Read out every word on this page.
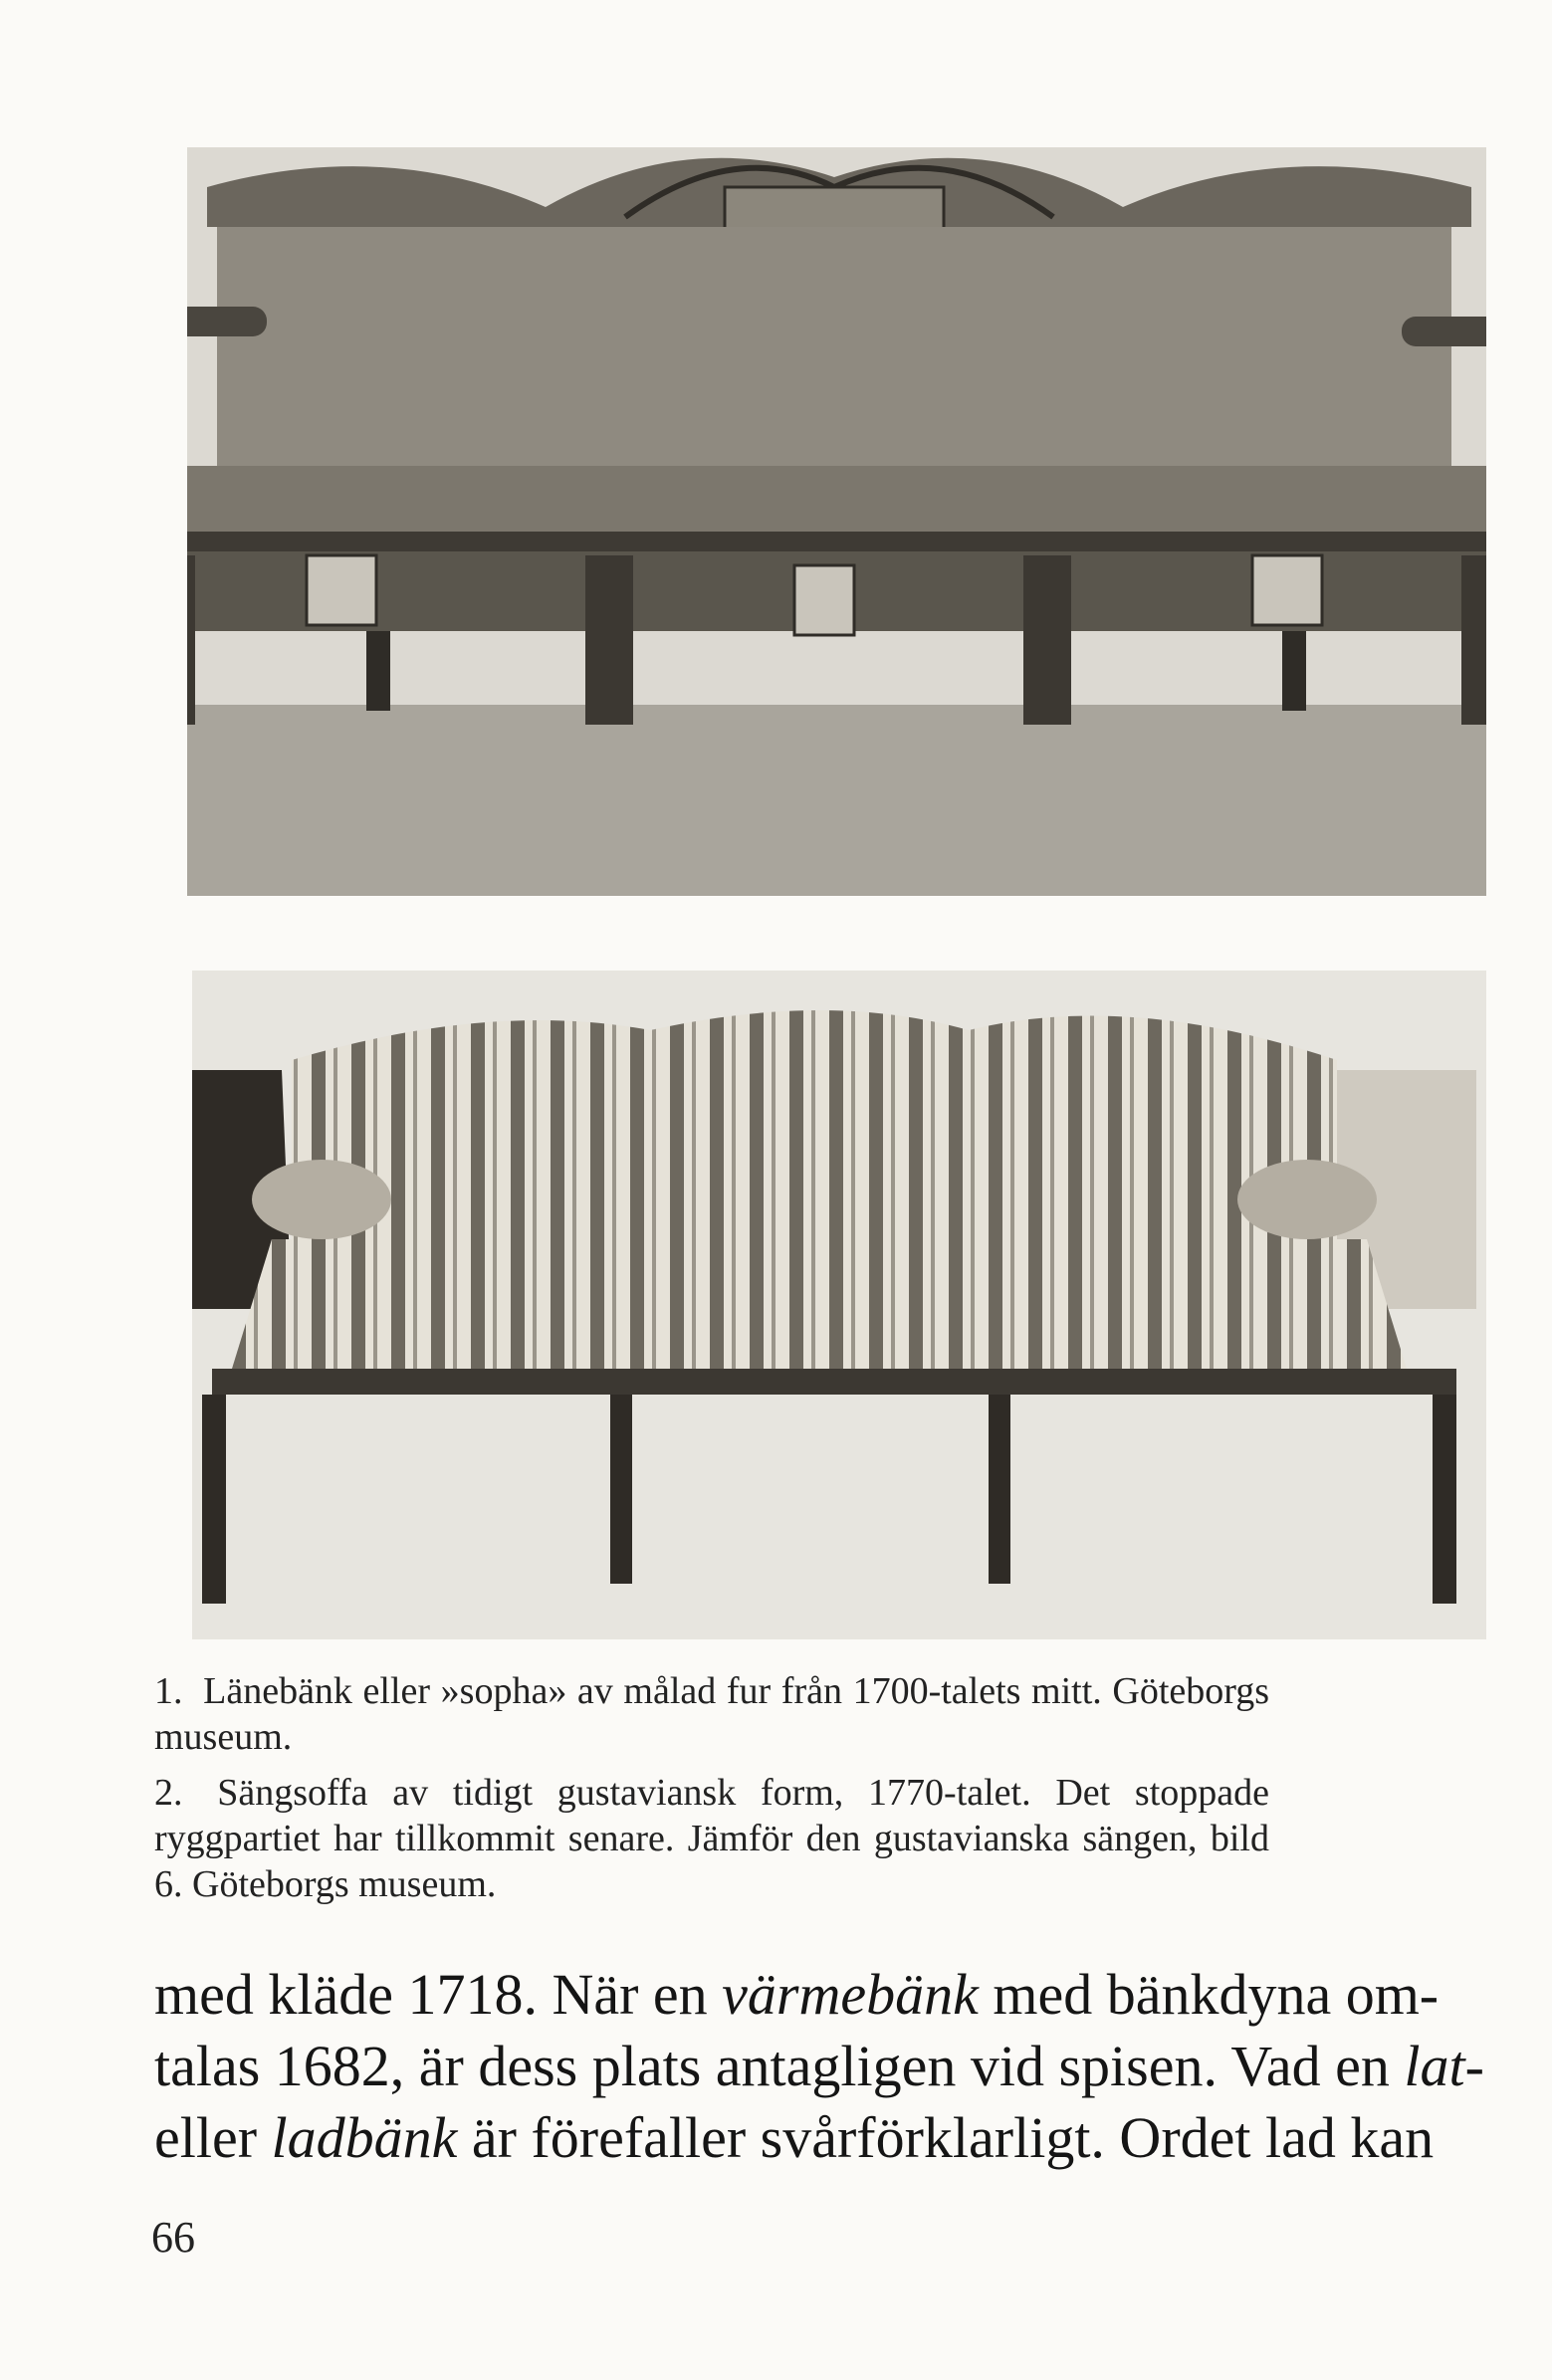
1. Länebänk eller »sopha» av målad fur från 1700-talets mitt. Göteborgs museum.
2. Sängsoffa av tidigt gustaviansk form, 1770-talet. Det stoppade ryggpartiet har tillkommit senare. Jämför den gustavianska sängen, bild 6. Göteborgs museum.
med kläde 1718. När en värmebänk med bänkdyna om-
talas 1682, är dess plats antagligen vid spisen. Vad en lat-
eller ladbänk är förefaller svårförklarligt. Ordet lad kan
66
